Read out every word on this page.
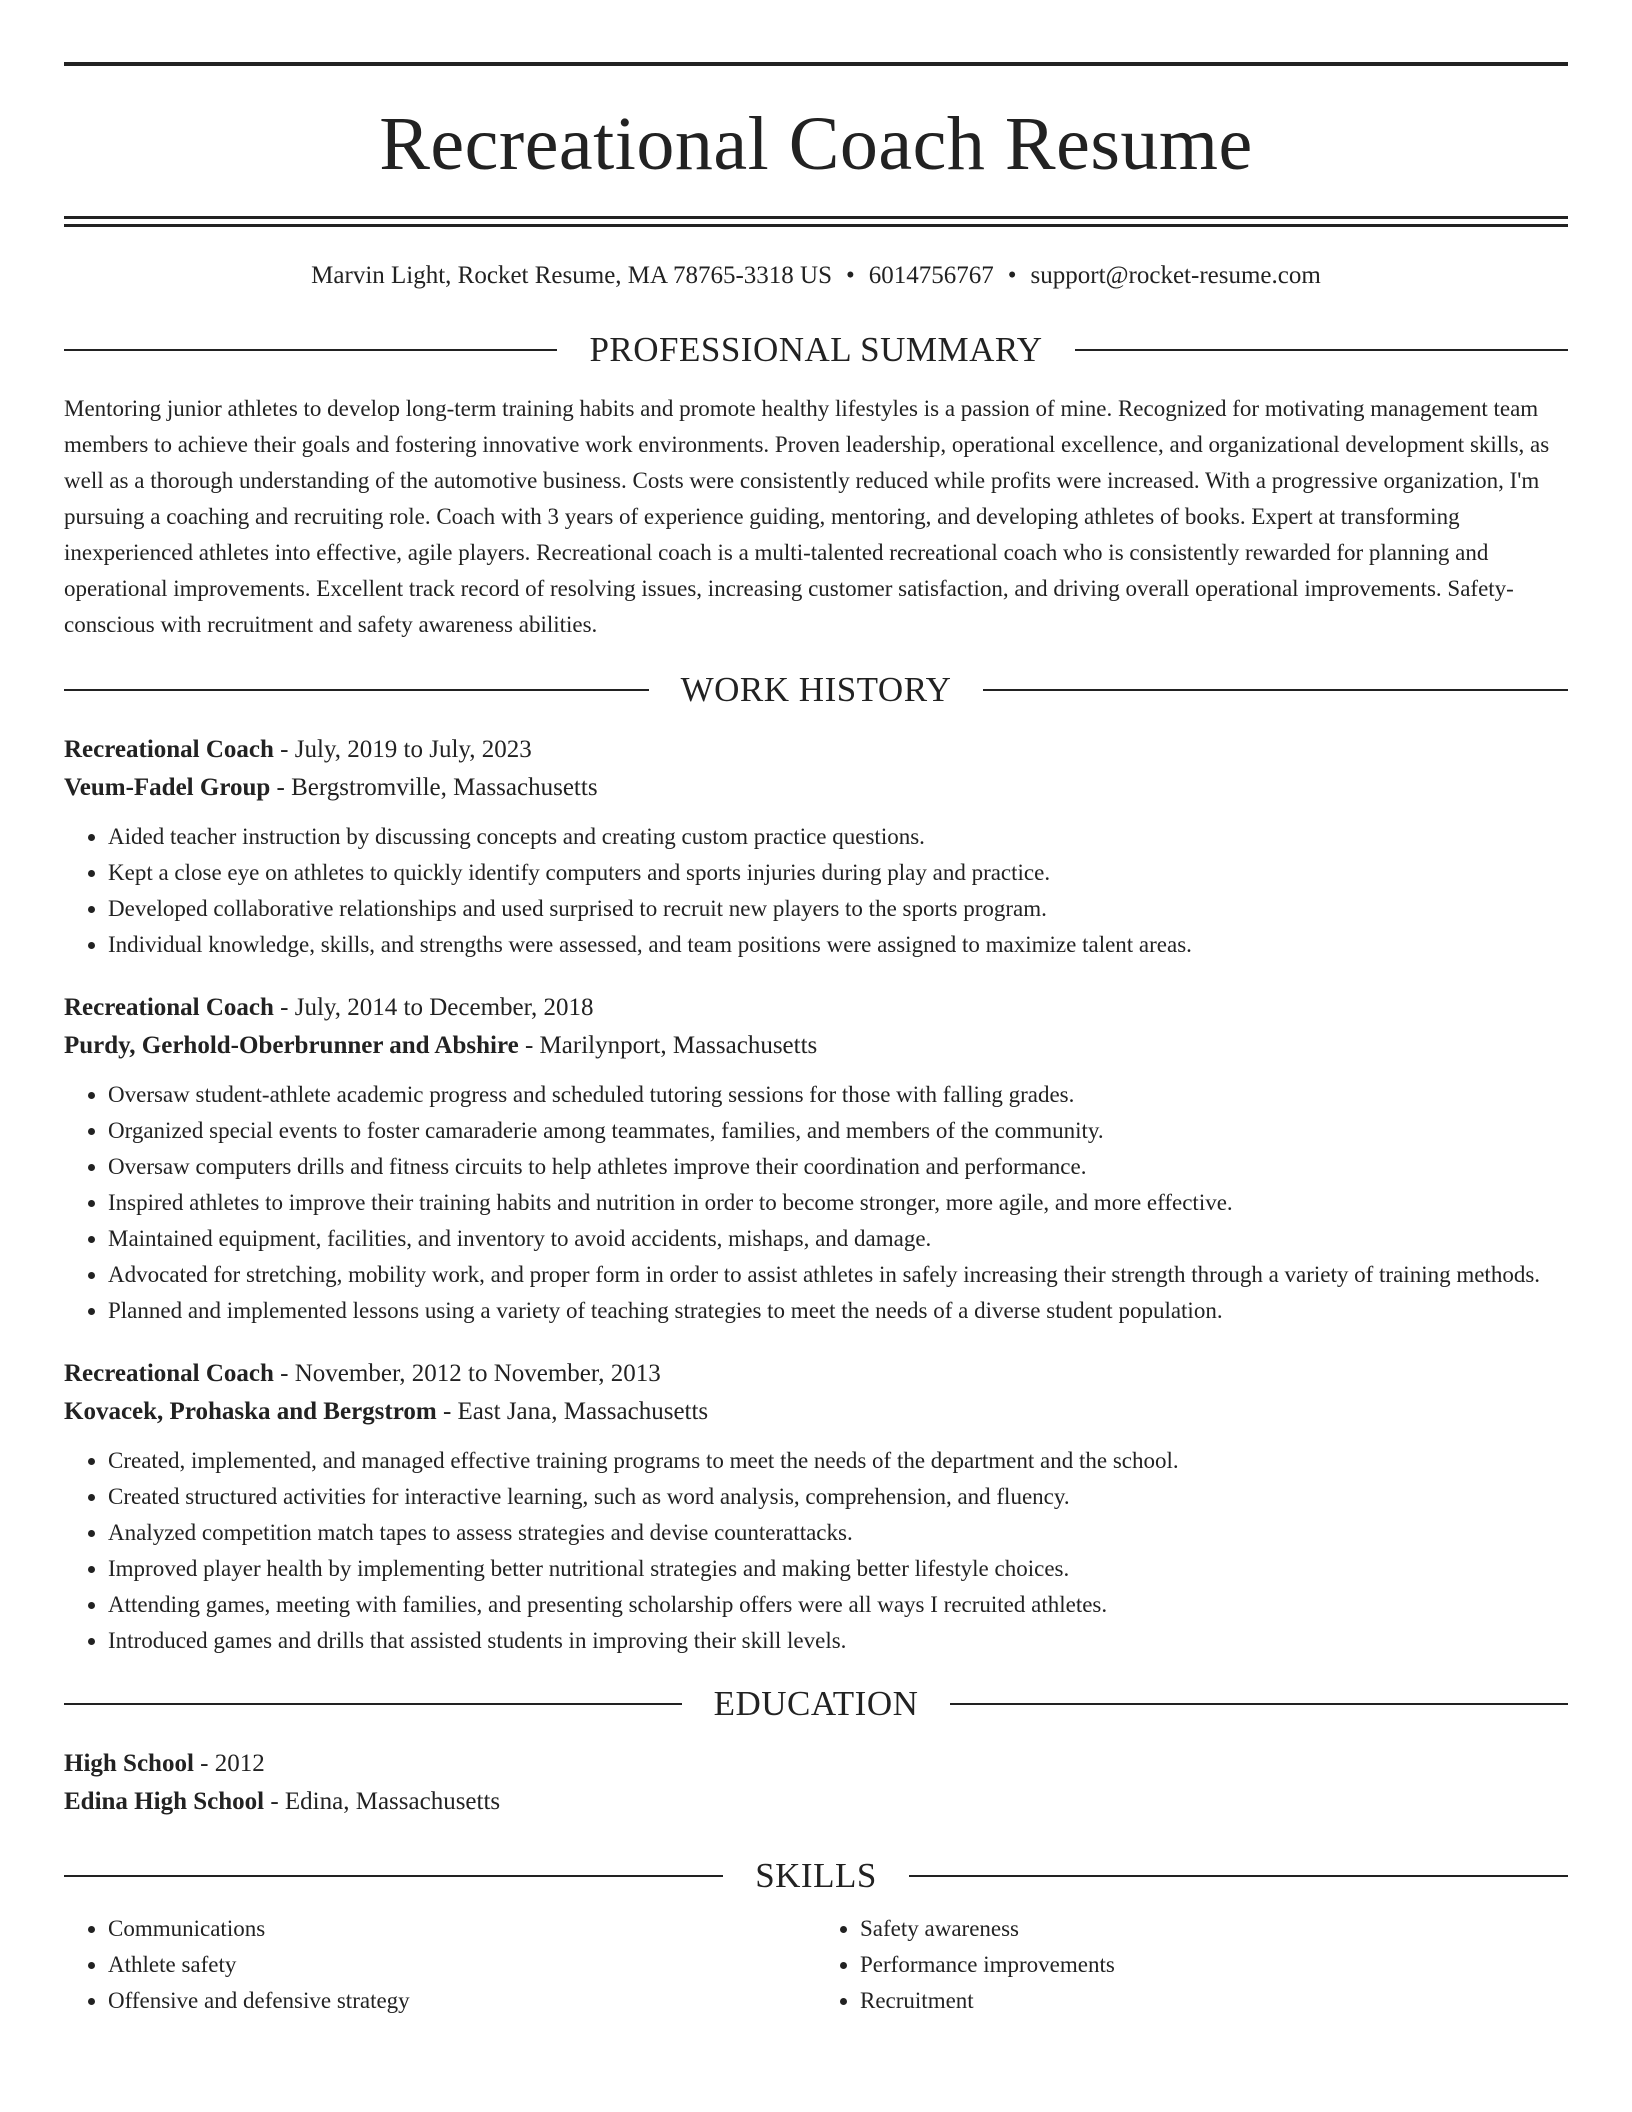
Recreational Coach Resume
Marvin Light, Rocket Resume, MA 78765-3318 US • 6014756767 • support@rocket-resume.com
PROFESSIONAL SUMMARY
Mentoring junior athletes to develop long-term training habits and promote healthy lifestyles is a passion of mine. Recognized for motivating management team members to achieve their goals and fostering innovative work environments. Proven leadership, operational excellence, and organizational development skills, as well as a thorough understanding of the automotive business. Costs were consistently reduced while profits were increased. With a progressive organization, I'm pursuing a coaching and recruiting role. Coach with 3 years of experience guiding, mentoring, and developing athletes of books. Expert at transforming inexperienced athletes into effective, agile players. Recreational coach is a multi-talented recreational coach who is consistently rewarded for planning and operational improvements. Excellent track record of resolving issues, increasing customer satisfaction, and driving overall operational improvements. Safety-conscious with recruitment and safety awareness abilities.
WORK HISTORY
Recreational Coach - July, 2019 to July, 2023
Veum-Fadel Group - Bergstromville, Massachusetts
• Aided teacher instruction by discussing concepts and creating custom practice questions.
• Kept a close eye on athletes to quickly identify computers and sports injuries during play and practice.
• Developed collaborative relationships and used surprised to recruit new players to the sports program.
• Individual knowledge, skills, and strengths were assessed, and team positions were assigned to maximize talent areas.
Recreational Coach - July, 2014 to December, 2018
Purdy, Gerhold-Oberbrunner and Abshire - Marilynport, Massachusetts
• Oversaw student-athlete academic progress and scheduled tutoring sessions for those with falling grades.
• Organized special events to foster camaraderie among teammates, families, and members of the community.
• Oversaw computers drills and fitness circuits to help athletes improve their coordination and performance.
• Inspired athletes to improve their training habits and nutrition in order to become stronger, more agile, and more effective.
• Maintained equipment, facilities, and inventory to avoid accidents, mishaps, and damage.
• Advocated for stretching, mobility work, and proper form in order to assist athletes in safely increasing their strength through a variety of training methods.
• Planned and implemented lessons using a variety of teaching strategies to meet the needs of a diverse student population.
Recreational Coach - November, 2012 to November, 2013
Kovacek, Prohaska and Bergstrom - East Jana, Massachusetts
• Created, implemented, and managed effective training programs to meet the needs of the department and the school.
• Created structured activities for interactive learning, such as word analysis, comprehension, and fluency.
• Analyzed competition match tapes to assess strategies and devise counterattacks.
• Improved player health by implementing better nutritional strategies and making better lifestyle choices.
• Attending games, meeting with families, and presenting scholarship offers were all ways I recruited athletes.
• Introduced games and drills that assisted students in improving their skill levels.
EDUCATION
High School - 2012
Edina High School - Edina, Massachusetts
SKILLS
• Communications
• Athlete safety
• Offensive and defensive strategy
• Safety awareness
• Performance improvements
• Recruitment
